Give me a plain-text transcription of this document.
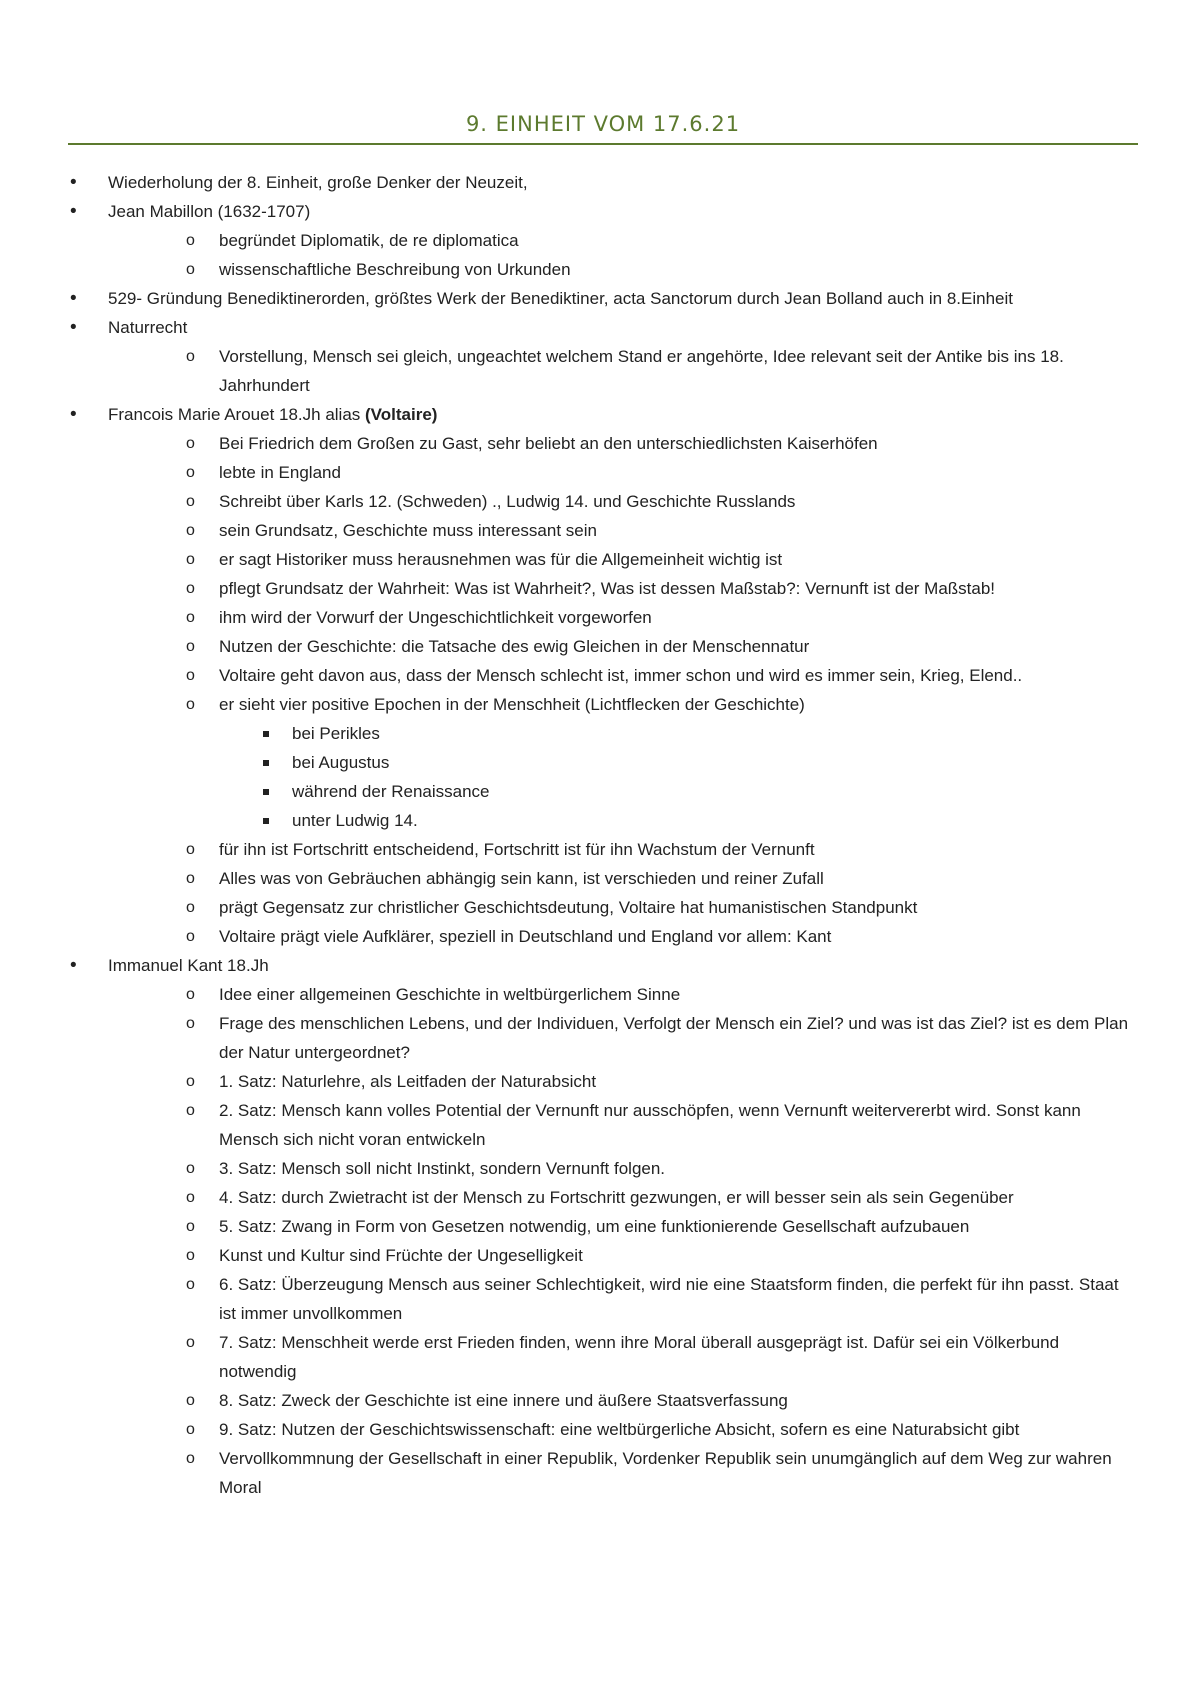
9. EINHEIT VOM 17.6.21
• Wiederholung der 8. Einheit, große Denker der Neuzeit,
• Jean Mabillon (1632-1707)
o begründet Diplomatik, de re diplomatica
o wissenschaftliche Beschreibung von Urkunden
• 529- Gründung Benediktinerorden, größtes Werk der Benediktiner, acta Sanctorum durch Jean Bolland auch in 8.Einheit
• Naturrecht
o Vorstellung, Mensch sei gleich, ungeachtet welchem Stand er angehörte, Idee relevant seit der Antike bis ins 18. Jahrhundert
• Francois Marie Arouet 18.Jh alias (Voltaire)
o Bei Friedrich dem Großen zu Gast, sehr beliebt an den unterschiedlichsten Kaiserhöfen
o lebte in England
o Schreibt über Karls 12. (Schweden) ., Ludwig 14. und Geschichte Russlands
o sein Grundsatz, Geschichte muss interessant sein
o er sagt Historiker muss herausnehmen was für die Allgemeinheit wichtig ist
o pflegt Grundsatz der Wahrheit: Was ist Wahrheit?, Was ist dessen Maßstab?: Vernunft ist der Maßstab!
o ihm wird der Vorwurf der Ungeschichtlichkeit vorgeworfen
o Nutzen der Geschichte: die Tatsache des ewig Gleichen in der Menschennatur
o Voltaire geht davon aus, dass der Mensch schlecht ist, immer schon und wird es immer sein, Krieg, Elend..
o er sieht vier positive Epochen in der Menschheit (Lichtflecken der Geschichte)
bei Perikles
bei Augustus
während der Renaissance
unter Ludwig 14.
o für ihn ist Fortschritt entscheidend, Fortschritt ist für ihn Wachstum der Vernunft
o Alles was von Gebräuchen abhängig sein kann, ist verschieden und reiner Zufall
o prägt Gegensatz zur christlicher Geschichtsdeutung, Voltaire hat humanistischen Standpunkt
o Voltaire prägt viele Aufklärer, speziell in Deutschland und England vor allem: Kant
• Immanuel Kant 18.Jh
o Idee einer allgemeinen Geschichte in weltbürgerlichem Sinne
o Frage des menschlichen Lebens, und der Individuen, Verfolgt der Mensch ein Ziel? und was ist das Ziel? ist es dem Plan der Natur untergeordnet?
o 1. Satz: Naturlehre, als Leitfaden der Naturabsicht
o 2. Satz: Mensch kann volles Potential der Vernunft nur ausschöpfen, wenn Vernunft weitervererbt wird. Sonst kann Mensch sich nicht voran entwickeln
o 3. Satz: Mensch soll nicht Instinkt, sondern Vernunft folgen.
o 4. Satz: durch Zwietracht ist der Mensch zu Fortschritt gezwungen, er will besser sein als sein Gegenüber
o 5. Satz: Zwang in Form von Gesetzen notwendig, um eine funktionierende Gesellschaft aufzubauen
o Kunst und Kultur sind Früchte der Ungeselligkeit
o 6. Satz: Überzeugung Mensch aus seiner Schlechtigkeit, wird nie eine Staatsform finden, die perfekt für ihn passt. Staat ist immer unvollkommen
o 7. Satz: Menschheit werde erst Frieden finden, wenn ihre Moral überall ausgeprägt ist. Dafür sei ein Völkerbund notwendig
o 8. Satz: Zweck der Geschichte ist eine innere und äußere Staatsverfassung
o 9. Satz: Nutzen der Geschichtswissenschaft: eine weltbürgerliche Absicht, sofern es eine Naturabsicht gibt
o Vervollkommnung der Gesellschaft in einer Republik, Vordenker Republik sein unumgänglich auf dem Weg zur wahren Moral
